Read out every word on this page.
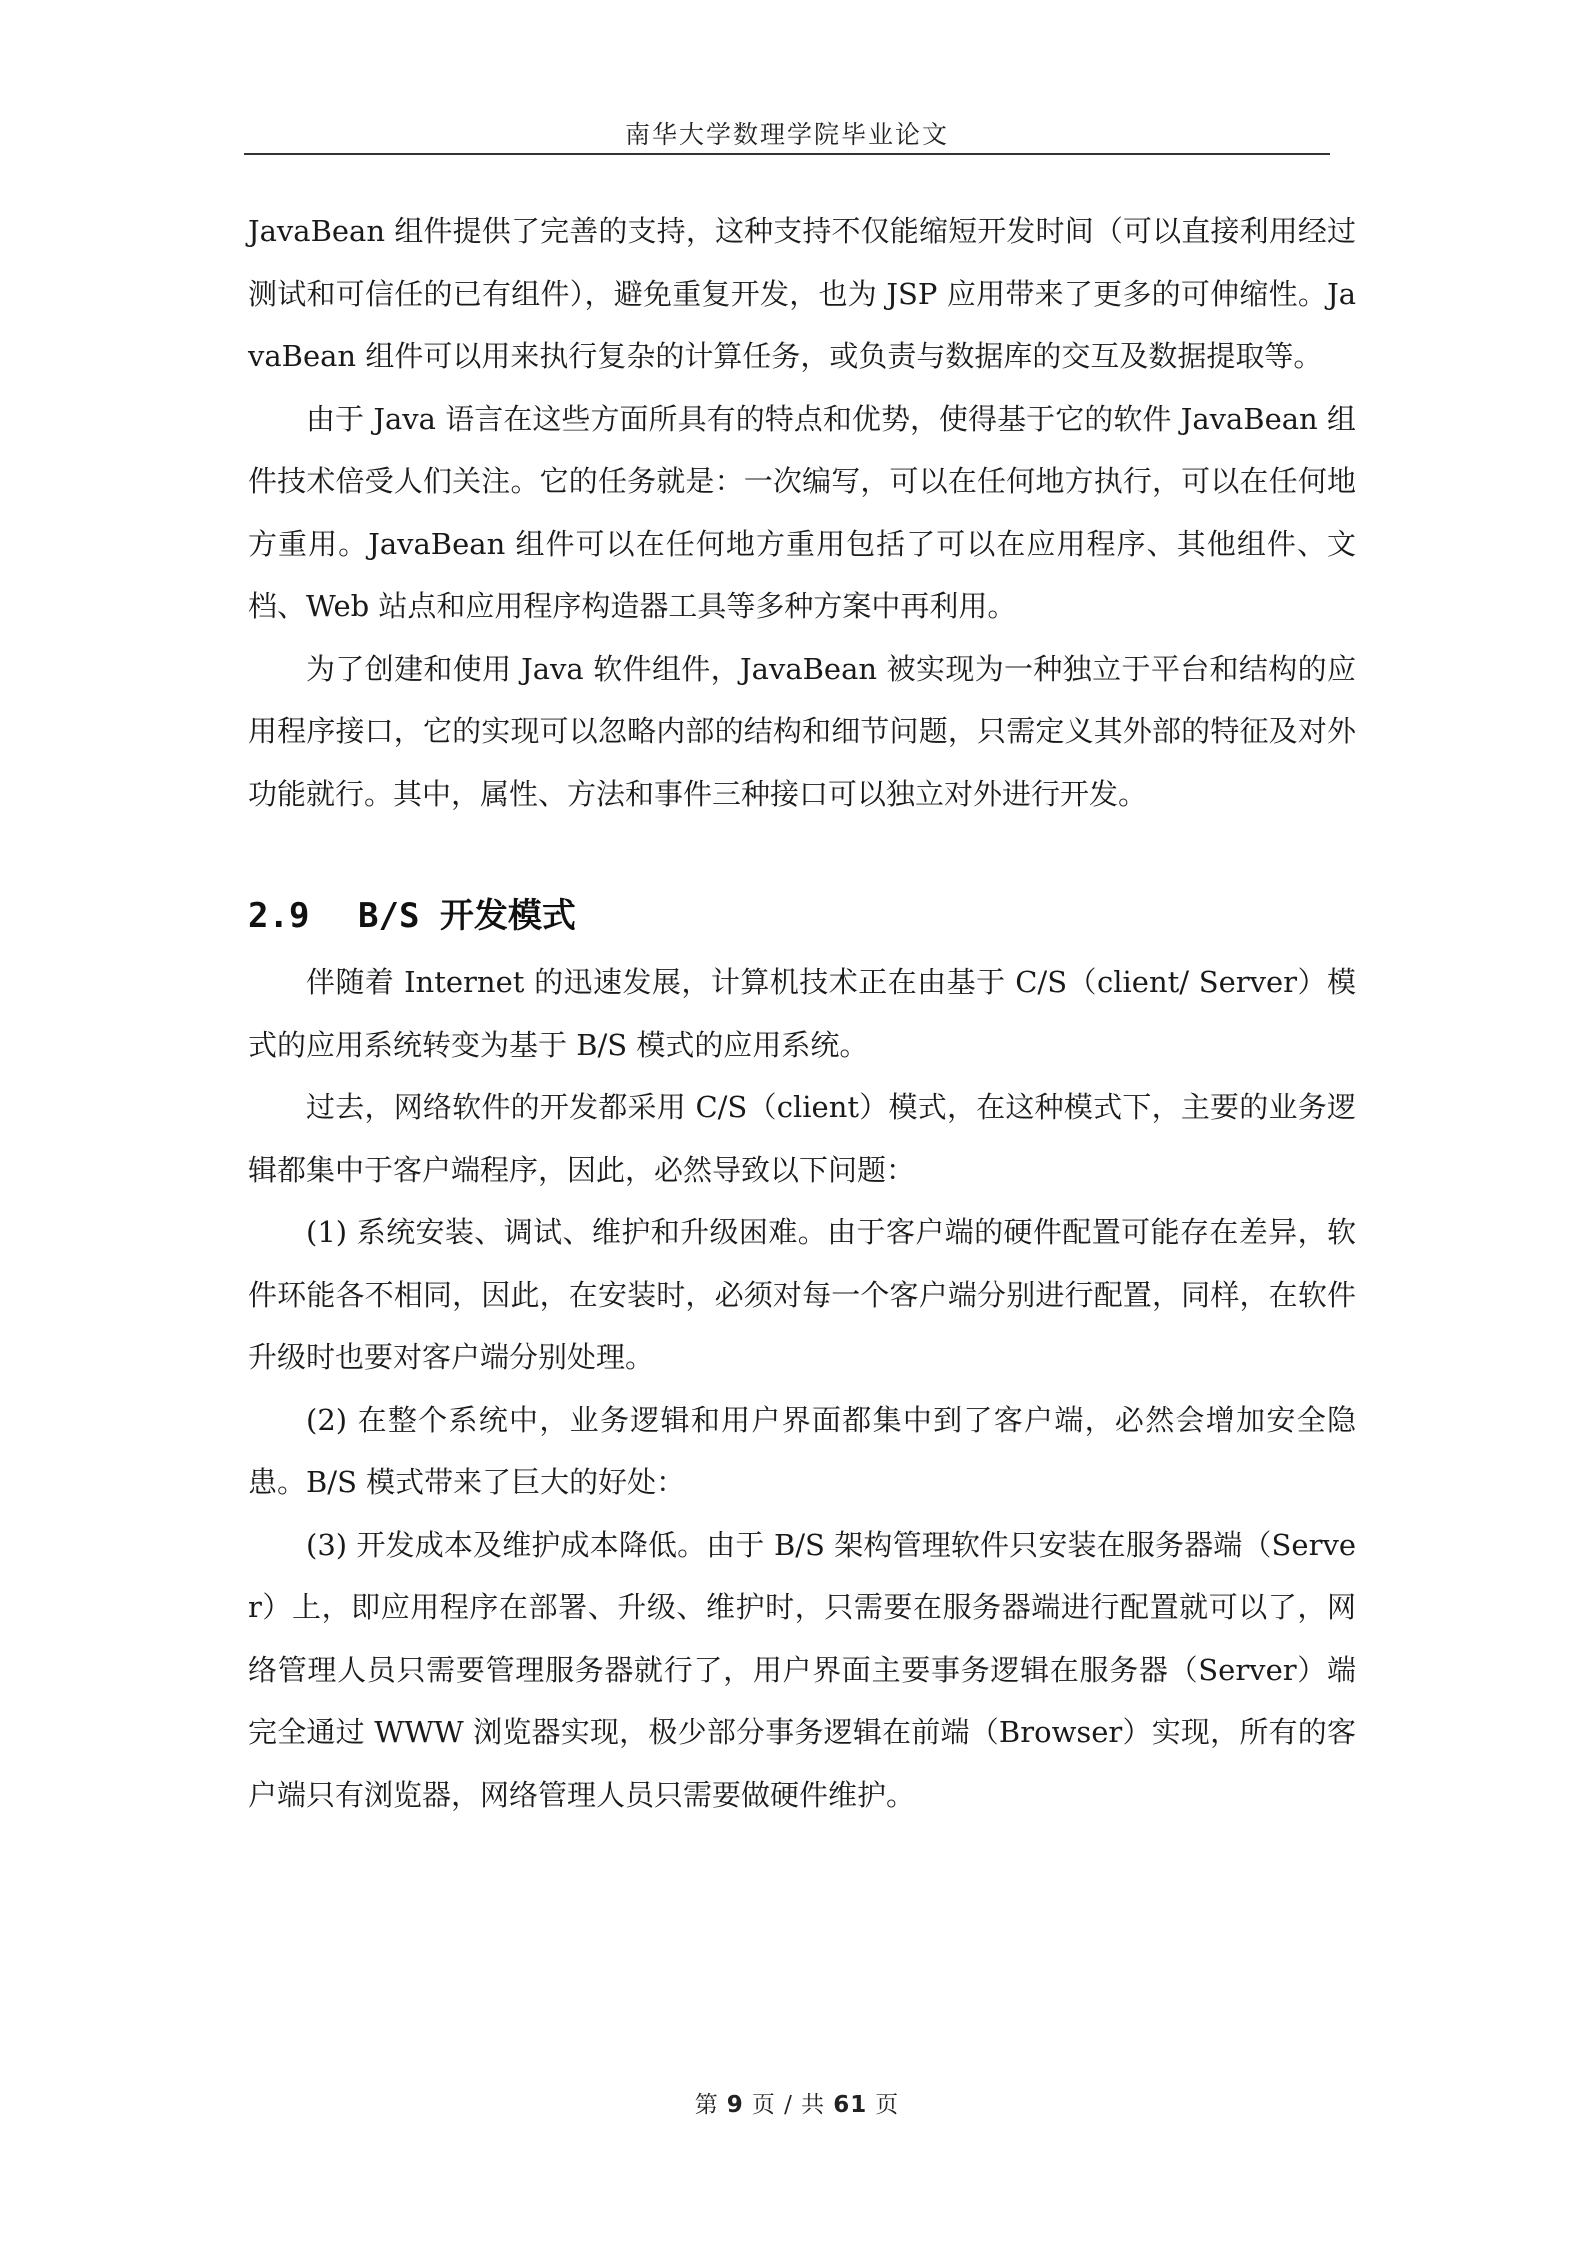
南华大学数理学院毕业论文

JavaBean 组件提供了完善的支持，这种支持不仅能缩短开发时间（可以直接利用经过测试和可信任的已有组件），避免重复开发，也为 JSP 应用带来了更多的可伸缩性。JavaBean 组件可以用来执行复杂的计算任务，或负责与数据库的交互及数据提取等。

由于 Java 语言在这些方面所具有的特点和优势，使得基于它的软件 JavaBean 组件技术倍受人们关注。它的任务就是：一次编写，可以在任何地方执行，可以在任何地方重用。JavaBean 组件可以在任何地方重用包括了可以在应用程序、其他组件、文档、Web 站点和应用程序构造器工具等多种方案中再利用。

为了创建和使用 Java 软件组件，JavaBean 被实现为一种独立于平台和结构的应用程序接口，它的实现可以忽略内部的结构和细节问题，只需定义其外部的特征及对外功能就行。其中，属性、方法和事件三种接口可以独立对外进行开发。

2.9 B/S 开发模式

伴随着 Internet 的迅速发展，计算机技术正在由基于 C/S（client/ Server）模式的应用系统转变为基于 B/S 模式的应用系统。

过去，网络软件的开发都采用 C/S（client）模式，在这种模式下，主要的业务逻辑都集中于客户端程序，因此，必然导致以下问题：

(1) 系统安装、调试、维护和升级困难。由于客户端的硬件配置可能存在差异，软件环能各不相同，因此，在安装时，必须对每一个客户端分别进行配置，同样，在软件升级时也要对客户端分别处理。

(2) 在整个系统中，业务逻辑和用户界面都集中到了客户端，必然会增加安全隐患。B/S 模式带来了巨大的好处：

(3) 开发成本及维护成本降低。由于 B/S 架构管理软件只安装在服务器端（Server）上，即应用程序在部署、升级、维护时，只需要在服务器端进行配置就可以了，网络管理人员只需要管理服务器就行了，用户界面主要事务逻辑在服务器（Server）端完全通过 WWW 浏览器实现，极少部分事务逻辑在前端（Browser）实现，所有的客户端只有浏览器，网络管理人员只需要做硬件维护。

第 9 页 / 共 61 页
